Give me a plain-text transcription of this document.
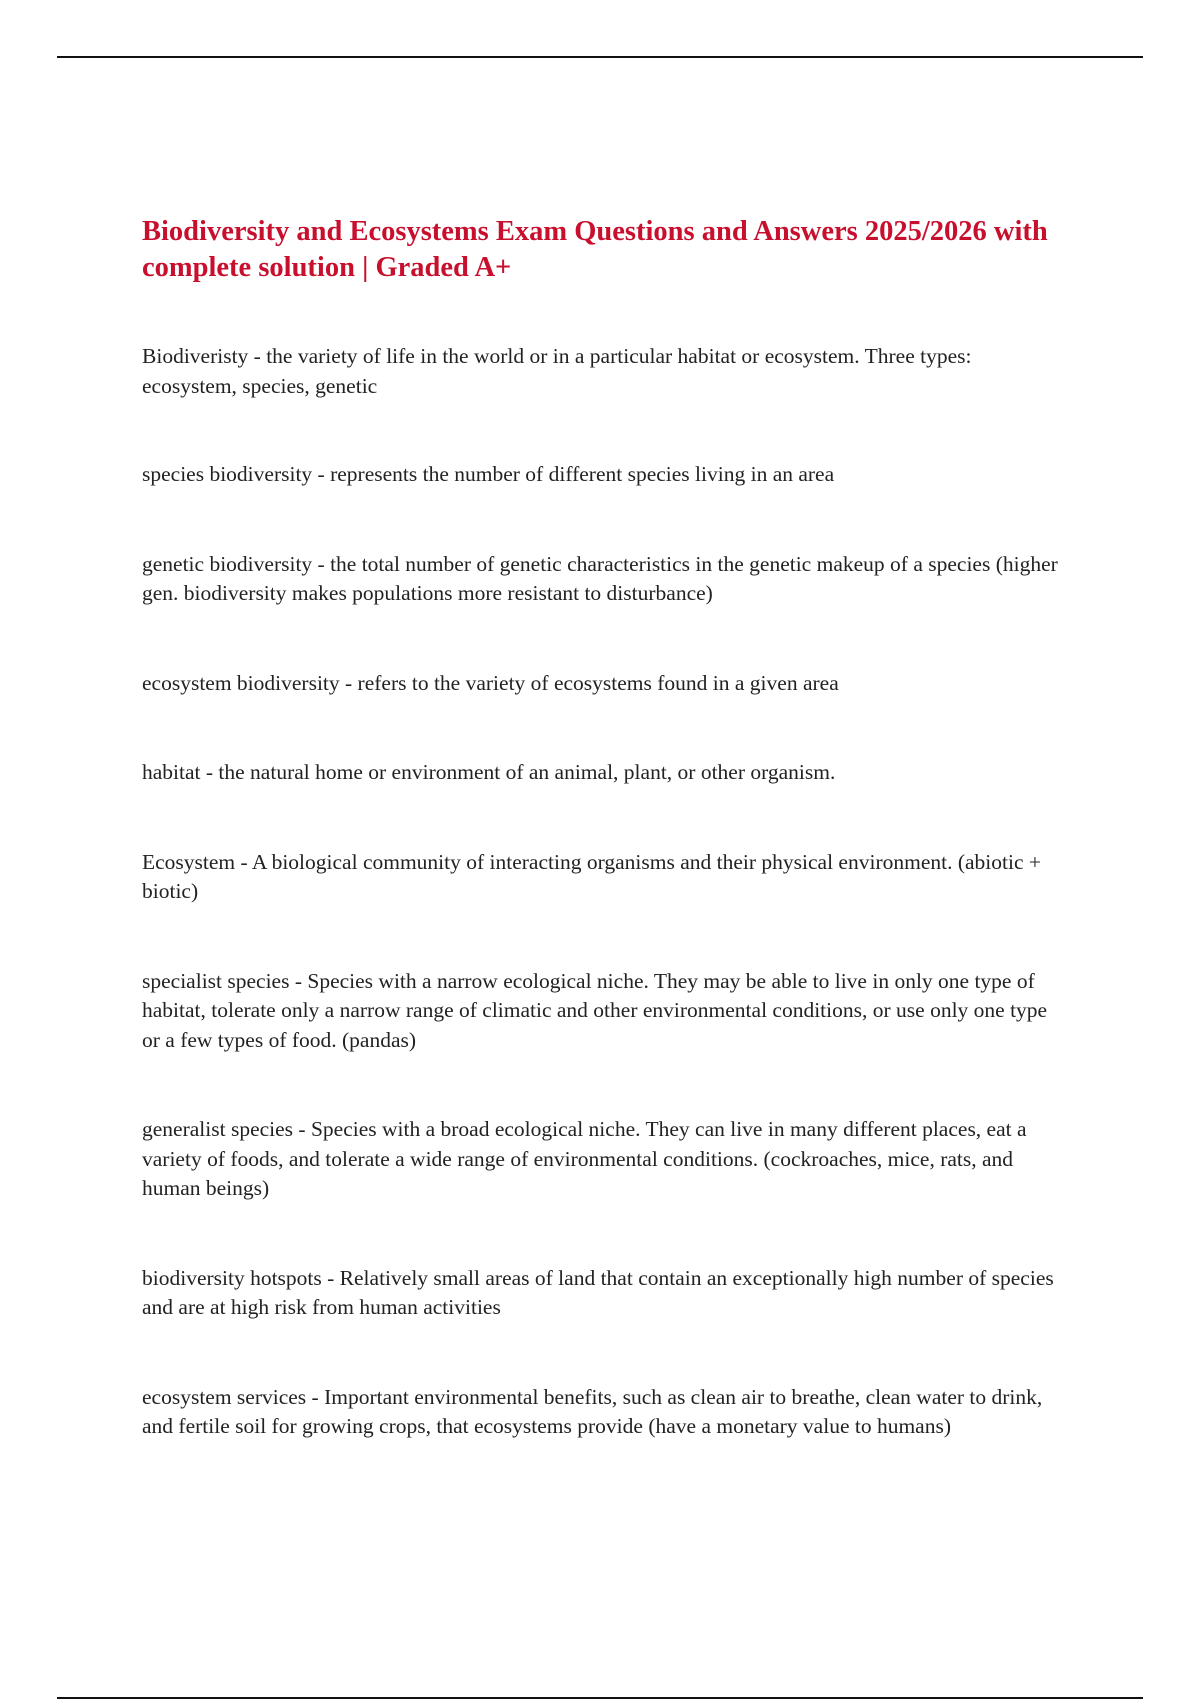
Biodiversity and Ecosystems Exam Questions and Answers 2025/2026 with complete solution | Graded A+
Biodiveristy - the variety of life in the world or in a particular habitat or ecosystem. Three types: ecosystem, species, genetic
species biodiversity - represents the number of different species living in an area
genetic biodiversity - the total number of genetic characteristics in the genetic makeup of a species (higher gen. biodiversity makes populations more resistant to disturbance)
ecosystem biodiversity - refers to the variety of ecosystems found in a given area
habitat - the natural home or environment of an animal, plant, or other organism.
Ecosystem - A biological community of interacting organisms and their physical environment. (abiotic + biotic)
specialist species - Species with a narrow ecological niche. They may be able to live in only one type of habitat, tolerate only a narrow range of climatic and other environmental conditions, or use only one type or a few types of food. (pandas)
generalist species - Species with a broad ecological niche. They can live in many different places, eat a variety of foods, and tolerate a wide range of environmental conditions. (cockroaches, mice, rats, and human beings)
biodiversity hotspots - Relatively small areas of land that contain an exceptionally high number of species and are at high risk from human activities
ecosystem services - Important environmental benefits, such as clean air to breathe, clean water to drink, and fertile soil for growing crops, that ecosystems provide (have a monetary value to humans)
